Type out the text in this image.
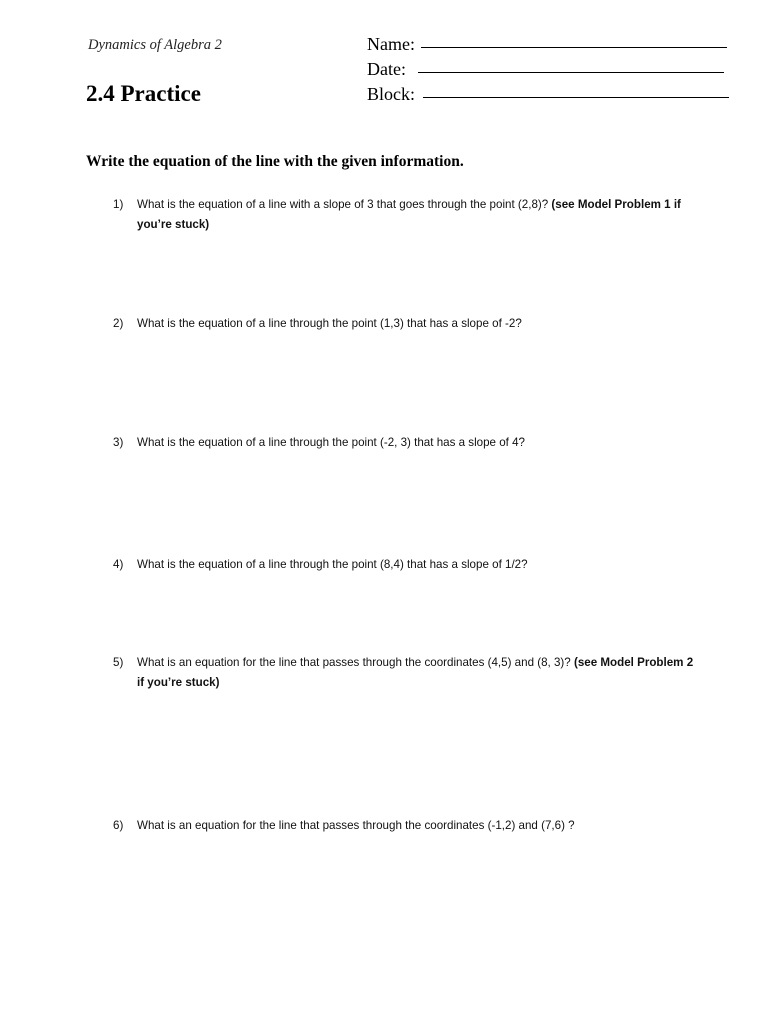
Dynamics of Algebra 2
2.4 Practice
Name:
Date:
Block:
Write the equation of the line with the given information.
1) What is the equation of a line with a slope of 3 that goes through the point (2,8)? (see Model Problem 1 if you’re stuck)
2) What is the equation of a line through the point (1,3) that has a slope of -2?
3) What is the equation of a line through the point (-2, 3) that has a slope of 4?
4) What is the equation of a line through the point (8,4) that has a slope of 1/2?
5) What is an equation for the line that passes through the coordinates (4,5) and (8, 3)? (see Model Problem 2 if you’re stuck)
6) What is an equation for the line that passes through the coordinates (-1,2) and (7,6) ?
